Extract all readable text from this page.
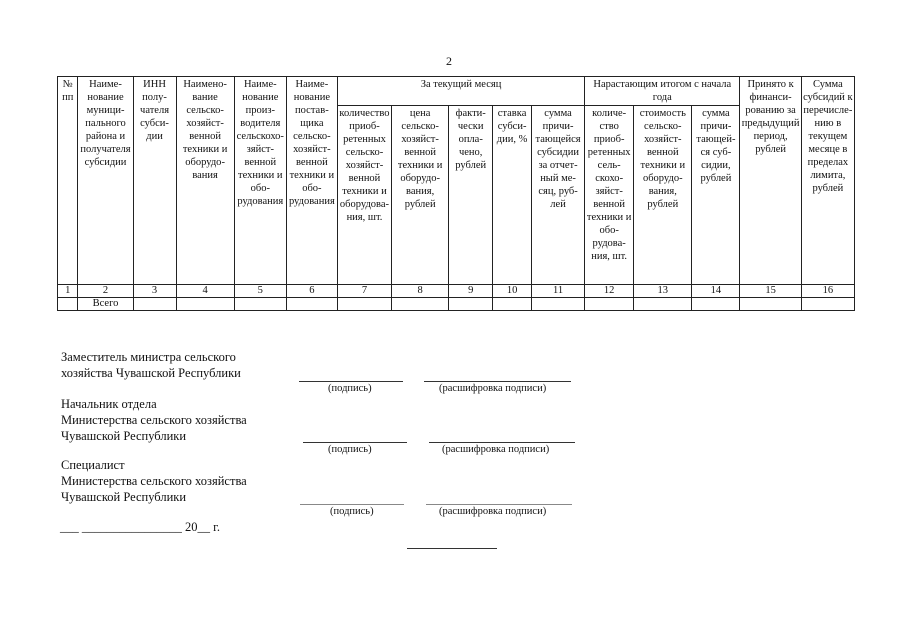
2
№ пп	Наименование муниципального района и получателя субсидии	ИНН получателя субсидии	Наименование сельскохозяйственной техники и оборудования	Наименование производителя сельскохозяйственной техники и оборудования	Наименование поставщика сельскохозяйственной техники и оборудования	За текущий месяц					Нарастающим итогом с начала года			Принято к финансированию за предыдущий период, рублей	Сумма субсидий к перечислению в текущем месяце в пределах лимита, рублей
						количество приобретенных сельскохозяйственной техники и оборудования, шт.	цена сельскохозяйственной техники и оборудования, рублей	фактически оплачено, рублей	ставка субсидии, %	сумма причитающейся субсидии за отчетный месяц, рублей	количество приобретенных сельскохозяйственной техники и оборудования, шт.	стоимость сельскохозяйственной техники и оборудования, рублей	сумма причитающейся субсидии, рублей		
1	2	3	4	5	6	7	8	9	10	11	12	13	14	15	16
	Всего														
Заместитель министра сельского
хозяйства Чувашской Республики
(подпись)	(расшифровка подписи)
Начальник отдела
Министерства сельского хозяйства
Чувашской Республики
(подпись)	(расшифровка подписи)
Специалист
Министерства сельского хозяйства
Чувашской Республики
(подпись)	(расшифровка подписи)
___ ________________ 20__ г.
